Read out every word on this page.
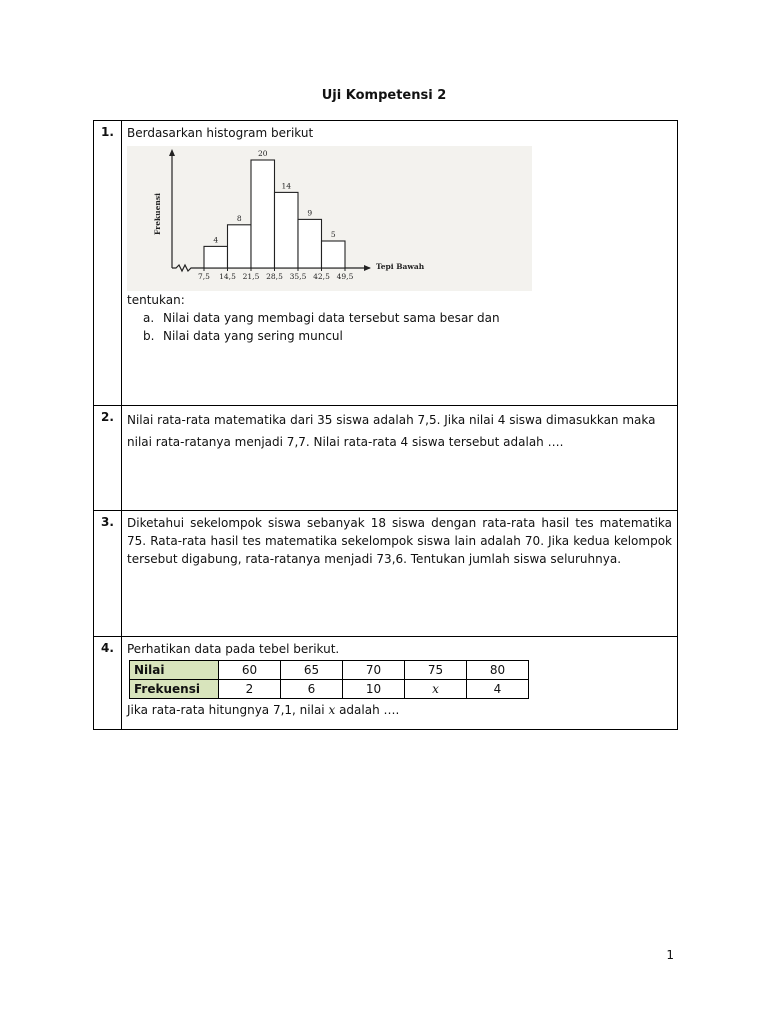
Uji Kompetensi 2
1.	Berdasarkan histogram berikut

4
8
20
14
9
5
7,5 14,5 21,5 28,5 35,5 42,5 49,5
Tepi Bawah
Frekuensi

tentukan:

a. Nilai data yang membagi data tersebut sama besar dan
b. Nilai data yang sering muncul

2.	Nilai rata-rata matematika dari 35 siswa adalah 7,5. Jika nilai 4 siswa dimasukkan maka nilai rata-ratanya menjadi 7,7. Nilai rata-rata 4 siswa tersebut adalah ….

3.	Diketahui sekelompok siswa sebanyak 18 siswa dengan rata-rata hasil tes matematika 75. Rata-rata hasil tes matematika sekelompok siswa lain adalah 70. Jika kedua kelompok tersebut digabung, rata-ratanya menjadi 73,6. Tentukan jumlah siswa seluruhnya.

4.	Perhatikan data pada tebel berikut.

Nilai	60	65	70	75	80
Frekuensi	2	6	10	x	4

Jika rata-rata hitungnya 7,1, nilai x adalah ….

1
